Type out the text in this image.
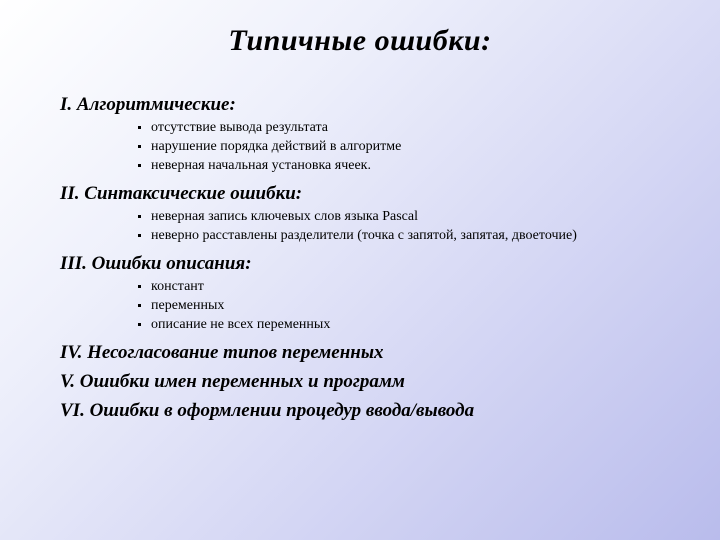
Типичные ошибки:
I. Алгоритмические:
отсутствие вывода результата
нарушение порядка действий в алгоритме
неверная начальная установка ячеек.
II. Синтаксические ошибки:
неверная запись ключевых слов языка Pascal
неверно расставлены разделители (точка с запятой, запятая, двоеточие)
III. Ошибки описания:
констант
переменных
описание не всех переменных
IV. Несогласование типов переменных
V. Ошибки имен переменных и программ
VI. Ошибки в оформлении процедур ввода/вывода
